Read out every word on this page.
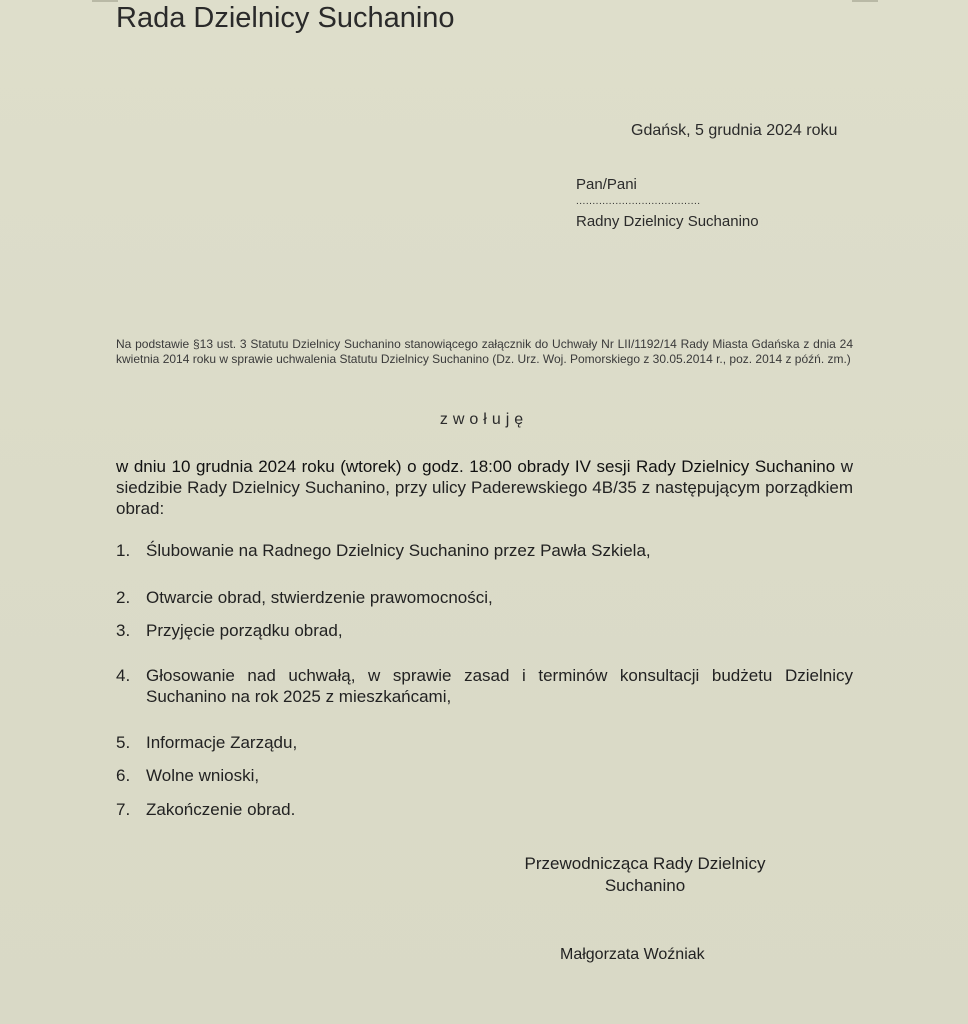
Rada Dzielnicy Suchanino
Gdańsk, 5 grudnia 2024 roku
Pan/Pani
......................................
Radny Dzielnicy Suchanino
Na podstawie §13 ust. 3 Statutu Dzielnicy Suchanino stanowiącego załącznik do Uchwały Nr LII/1192/14 Rady Miasta Gdańska z dnia 24 kwietnia 2014 roku w sprawie uchwalenia Statutu Dzielnicy Suchanino (Dz. Urz. Woj. Pomorskiego z 30.05.2014 r., poz. 2014 z późń. zm.)
zwołuję
w dniu 10 grudnia 2024 roku (wtorek) o godz. 18:00 obrady IV sesji Rady Dzielnicy Suchanino w siedzibie Rady Dzielnicy Suchanino, przy ulicy Paderewskiego 4B/35 z następującym porządkiem obrad:
1. Ślubowanie na Radnego Dzielnicy Suchanino przez Pawła Szkiela,
2. Otwarcie obrad, stwierdzenie prawomocności,
3. Przyjęcie porządku obrad,
4. Głosowanie nad uchwałą, w sprawie zasad i terminów konsultacji budżetu Dzielnicy Suchanino na rok 2025 z mieszkańcami,
5. Informacje Zarządu,
6. Wolne wnioski,
7. Zakończenie obrad.
Przewodnicząca Rady Dzielnicy
Suchanino
Małgorzata Woźniak
